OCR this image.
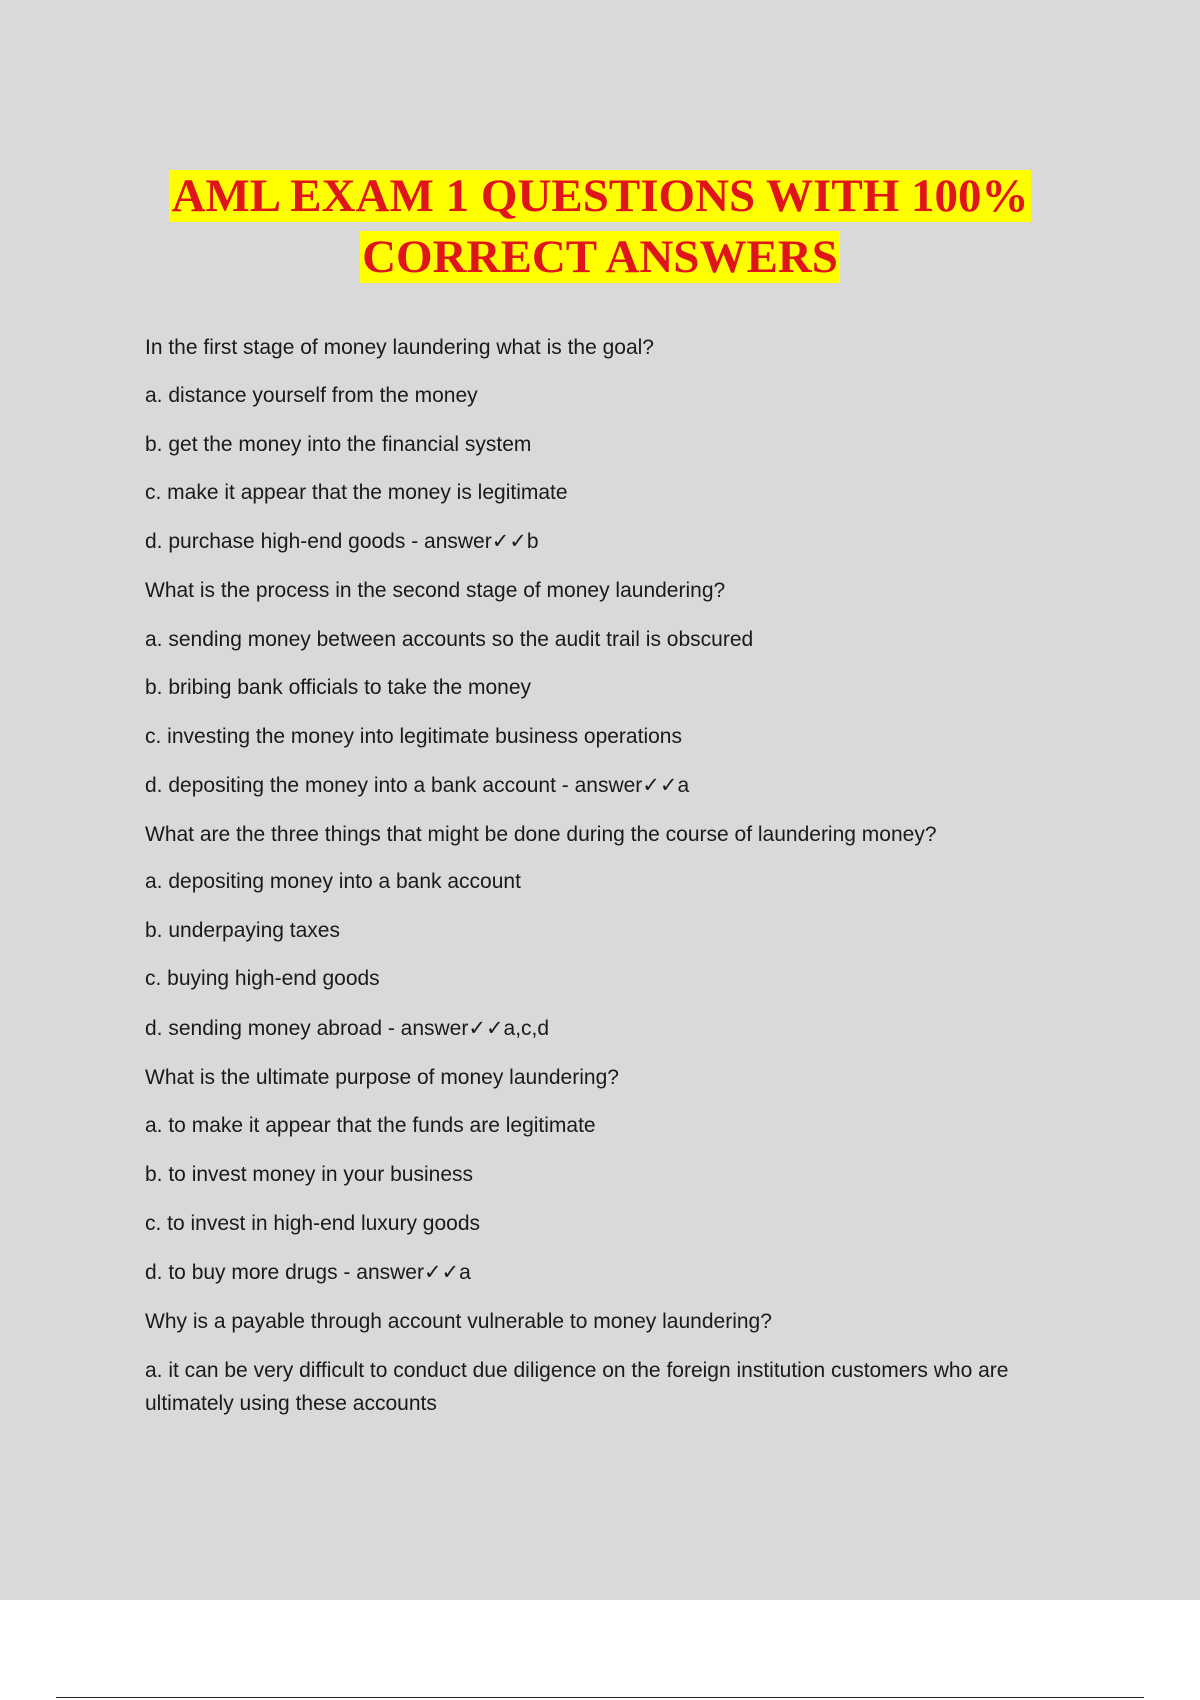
AML EXAM 1 QUESTIONS WITH 100%
CORRECT ANSWERS
In the first stage of money laundering what is the goal?
a. distance yourself from the money
b. get the money into the financial system
c. make it appear that the money is legitimate
d. purchase high-end goods - answer✓✓b
What is the process in the second stage of money laundering?
a. sending money between accounts so the audit trail is obscured
b. bribing bank officials to take the money
c. investing the money into legitimate business operations
d. depositing the money into a bank account - answer✓✓a
What are the three things that might be done during the course of laundering money?
a. depositing money into a bank account
b. underpaying taxes
c. buying high-end goods
d. sending money abroad - answer✓✓a,c,d
What is the ultimate purpose of money laundering?
a. to make it appear that the funds are legitimate
b. to invest money in your business
c. to invest in high-end luxury goods
d. to buy more drugs - answer✓✓a
Why is a payable through account vulnerable to money laundering?
a. it can be very difficult to conduct due diligence on the foreign institution customers who are ultimately using these accounts
